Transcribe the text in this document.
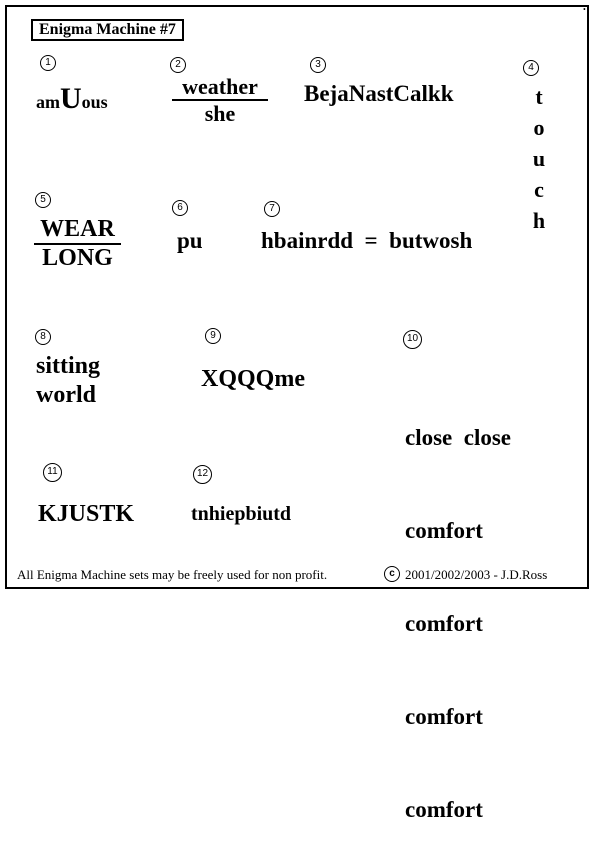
•
Enigma Machine #7
1
amUous
2
weather
she
3
BejaNastCalkk
4
t
o
u
c
h
5
WEAR
LONG
6
pu
7
hbainrdd  =  butwosh
8
sitting
world
9
XQQQme
10

close  close

comfort

comfort

comfort

comfort

11
KJUSTK
12
tnhiepbiutd
All Enigma Machine sets may be freely used for non profit.	c 2001/2002/2003 - J.D.Ross
